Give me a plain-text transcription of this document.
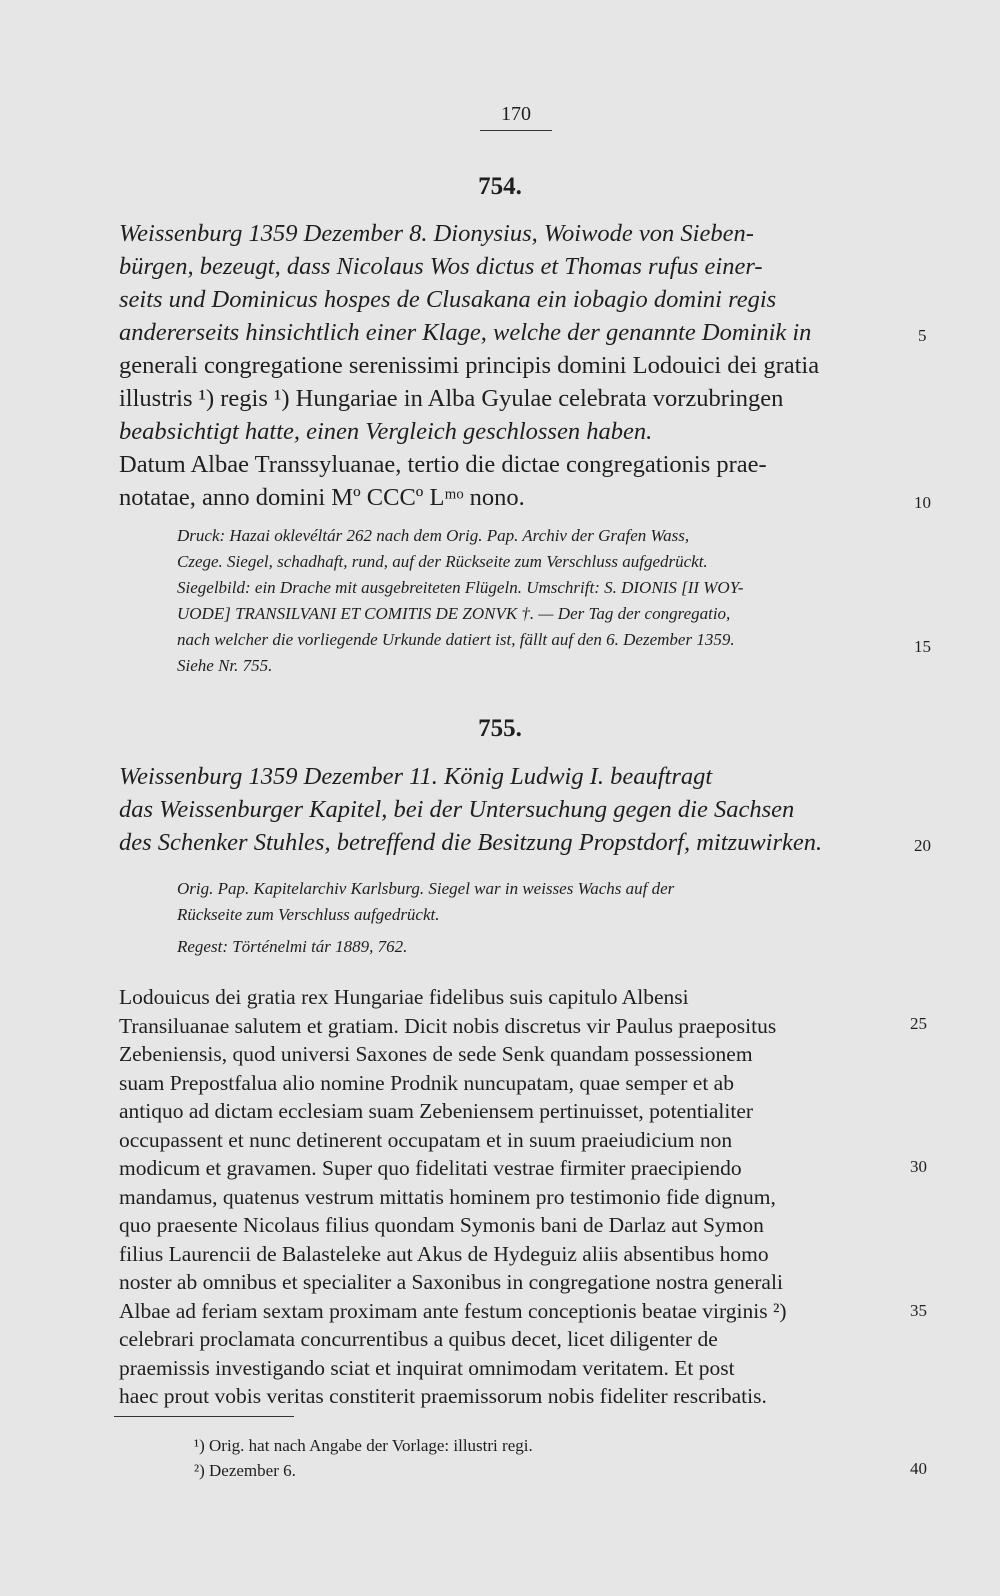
170
754.
Weissenburg 1359 Dezember 8. Dionysius, Woiwode von Sieben-
bürgen, bezeugt, dass Nicolaus Wos dictus et Thomas rufus einer-
seits und Dominicus hospes de Clusakana ein iobagio domini regis
andererseits hinsichtlich einer Klage, welche der genannte Dominik in
generali congregatione serenissimi principis domini Lodouici dei gratia
illustris ¹) regis ¹) Hungariae in Alba Gyulae celebrata vorzubringen
beabsichtigt hatte, einen Vergleich geschlossen haben.
Datum Albae Transsyluanae, tertio die dictae congregationis prae-
notatae, anno domini Mº CCCº Lᵐᵒ nono.
Druck: Hazai oklevéltár 262 nach dem Orig. Pap. Archiv der Grafen Wass,
Czege. Siegel, schadhaft, rund, auf der Rückseite zum Verschluss aufgedrückt.
Siegelbild: ein Drache mit ausgebreiteten Flügeln. Umschrift: S. DIONIS [II WOY-
UODE] TRANSILVANI ET COMITIS DE ZONVK †. — Der Tag der congregatio,
nach welcher die vorliegende Urkunde datiert ist, fällt auf den 6. Dezember 1359.
Siehe Nr. 755.
755.
Weissenburg 1359 Dezember 11. König Ludwig I. beauftragt
das Weissenburger Kapitel, bei der Untersuchung gegen die Sachsen
des Schenker Stuhles, betreffend die Besitzung Propstdorf, mitzuwirken.
Orig. Pap. Kapitelarchiv Karlsburg. Siegel war in weisses Wachs auf der
Rückseite zum Verschluss aufgedrückt.
Regest: Történelmi tár 1889, 762.
Lodouicus dei gratia rex Hungariae fidelibus suis capitulo Albensi
Transiluanae salutem et gratiam. Dicit nobis discretus vir Paulus praepositus
Zebeniensis, quod universi Saxones de sede Senk quandam possessionem
suam Prepostfalua alio nomine Prodnik nuncupatam, quae semper et ab
antiquo ad dictam ecclesiam suam Zebeniensem pertinuisset, potentialiter
occupassent et nunc detinerent occupatam et in suum praeiudicium non
modicum et gravamen. Super quo fidelitati vestrae firmiter praecipiendo
mandamus, quatenus vestrum mittatis hominem pro testimonio fide dignum,
quo praesente Nicolaus filius quondam Symonis bani de Darlaz aut Symon
filius Laurencii de Balasteleke aut Akus de Hydeguiz aliis absentibus homo
noster ab omnibus et specialiter a Saxonibus in congregatione nostra generali
Albae ad feriam sextam proximam ante festum conceptionis beatae virginis ²)
celebrari proclamata concurrentibus a quibus decet, licet diligenter de
praemissis investigando sciat et inquirat omnimodam veritatem. Et post
haec prout vobis veritas constiterit praemissorum nobis fideliter rescribatis.
¹) Orig. hat nach Angabe der Vorlage: illustri regi.
²) Dezember 6.
5
10
15
20
25
30
35
40
